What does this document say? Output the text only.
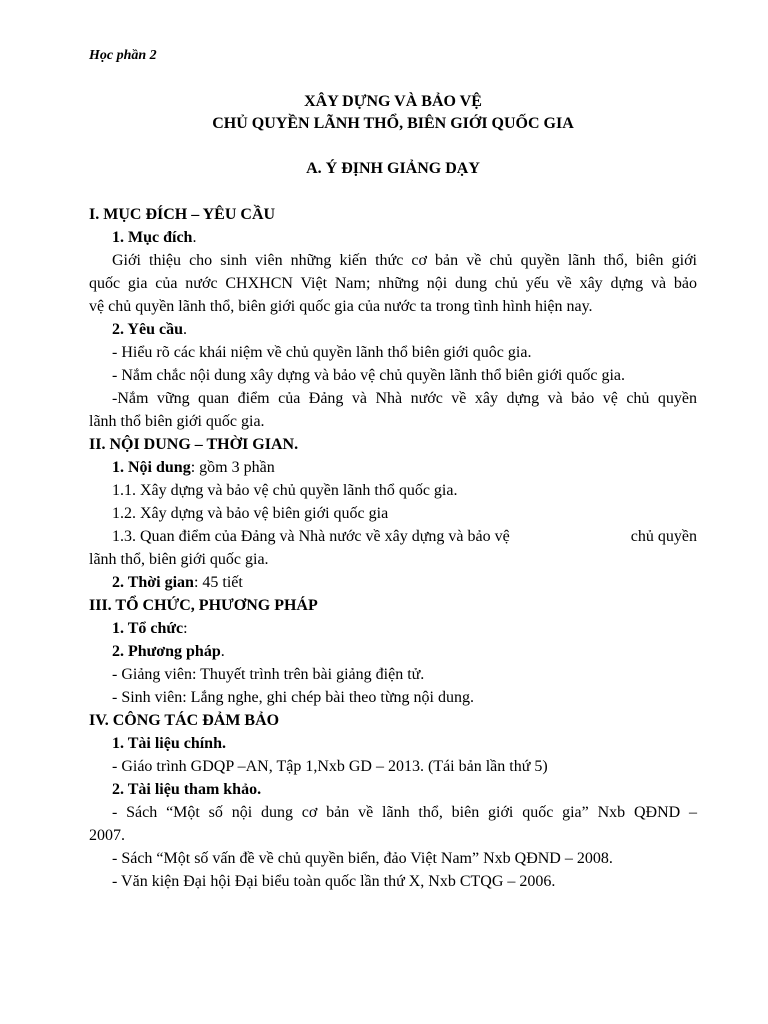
Học phần 2
XÂY DỰNG VÀ BẢO VỆ
CHỦ QUYỀN LÃNH THỔ, BIÊN GIỚI QUỐC GIA
A. Ý ĐỊNH GIẢNG DẠY
I. MỤC ĐÍCH – YÊU CẦU
1. Mục đích.
Giới thiệu cho sinh viên những kiến thức cơ bản về chủ quyền lãnh thổ, biên giới
quốc gia của nước CHXHCN Việt Nam; những nội dung chủ yếu về xây dựng và bảo
vệ chủ quyền lãnh thổ, biên giới quốc gia của nước ta trong tình hình hiện nay.
2. Yêu cầu.
- Hiểu rõ các khái niệm về chủ quyền lãnh thổ biên giới quôc gia.
- Nắm chắc nội dung xây dựng và bảo vệ chủ quyền lãnh thổ biên giới quốc gia.
-Nắm vững quan điểm của Đảng và Nhà nước về xây dựng và bảo vệ chủ quyền
lãnh thổ biên giới quốc gia.
II. NỘI DUNG – THỜI GIAN.
1. Nội dung: gồm 3 phần
1.1. Xây dựng và bảo vệ chủ quyền lãnh thổ quốc gia.
1.2. Xây dựng và bảo vệ biên giới quốc gia
1.3. Quan điểm của Đảng và Nhà nước về xây dựng và bảo vệ	chủ quyền
lãnh thổ, biên giới quốc gia.
2. Thời gian: 45 tiết
III. TỔ CHỨC, PHƯƠNG PHÁP
1. Tổ chức:
2. Phương pháp.
- Giảng viên: Thuyết trình trên bài giảng điện tử.
- Sinh viên: Lắng nghe, ghi chép bài theo từng nội dung.
IV. CÔNG TÁC ĐẢM BẢO
1. Tài liệu chính.
- Giáo trình GDQP –AN, Tập 1,Nxb GD – 2013. (Tái bản lần thứ 5)
2. Tài liệu tham khảo.
- Sách “Một số nội dung cơ bản về lãnh thổ, biên giới quốc gia” Nxb QĐND –
2007.
- Sách “Một số vấn đề về chủ quyền biển, đảo Việt Nam” Nxb QĐND – 2008.
- Văn kiện Đại hội Đại biểu toàn quốc lần thứ X, Nxb CTQG – 2006.
